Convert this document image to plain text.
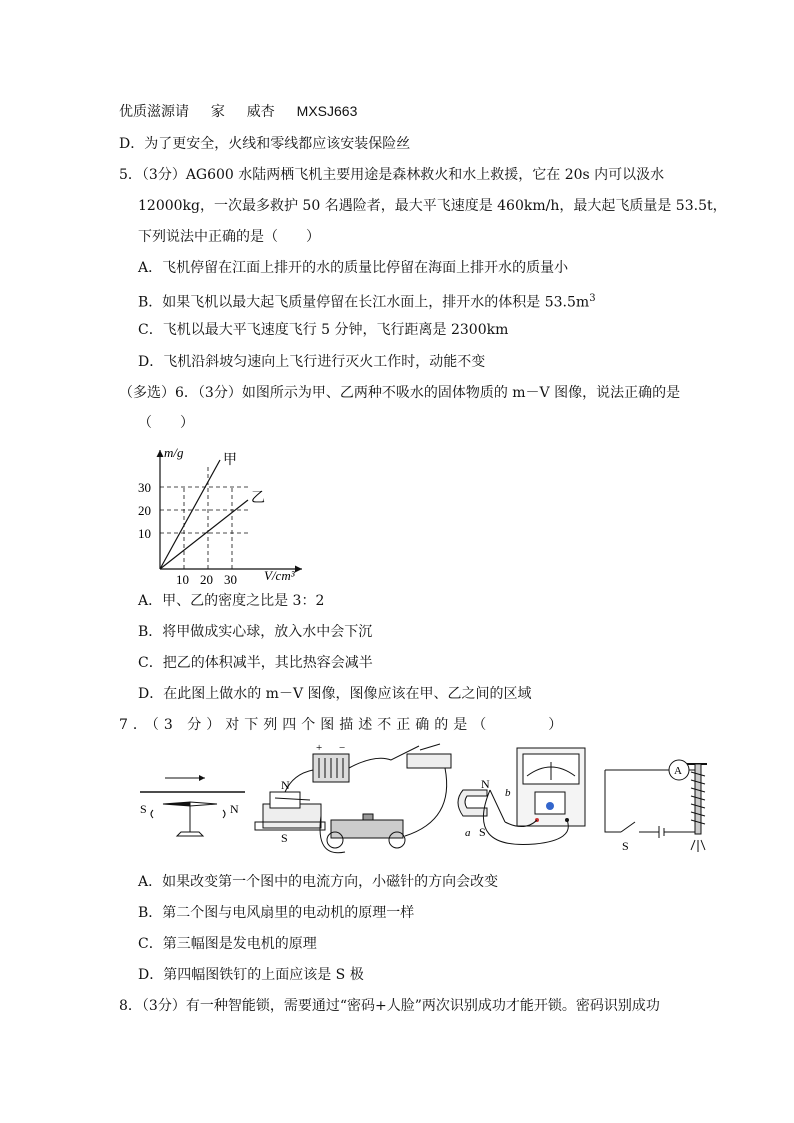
优质滋源请 家 威杏 MXSJ663
D．为了更安全，火线和零线都应该安装保险丝
5．（3分）AG600 水陆两栖飞机主要用途是森林救火和水上救援，它在 20s 内可以汲水
12000kg，一次最多救护 50 名遇险者，最大平飞速度是 460km/h，最大起飞质量是 53.5t，
下列说法中正确的是（　　）
A．飞机停留在江面上排开的水的质量比停留在海面上排开水的质量小
B．如果飞机以最大起飞质量停留在长江水面上，排开水的体积是 $53.5m^3$
C．飞机以最大平飞速度飞行 5 分钟，飞行距离是 2300km
D．飞机沿斜坡匀速向上飞行进行灭火工作时，动能不变
（多选）6．（3分）如图所示为甲、乙两种不吸水的固体物质的 m－V 图像，说法正确的是
（　　）
m/g
30
20
10
10 20 30 V/cm³
甲
乙
A．甲、乙的密度之比是 3：2
B．将甲做成实心球，放入水中会下沉
C．把乙的体积减半，其比热容会减半
D．在此图上做水的 m－V 图像，图像应该在甲、乙之间的区域
7．（3 分）对下列四个图描述不正确的是（　　　）
S	N
+ −
N
S
N
b
a S
A
S
A．如果改变第一个图中的电流方向，小磁针的方向会改变
B．第二个图与电风扇里的电动机的原理一样
C．第三幅图是发电机的原理
D．第四幅图铁钉的上面应该是 S 极
8．（3分）有一种智能锁，需要通过“密码+人脸”两次识别成功才能开锁。密码识别成功
